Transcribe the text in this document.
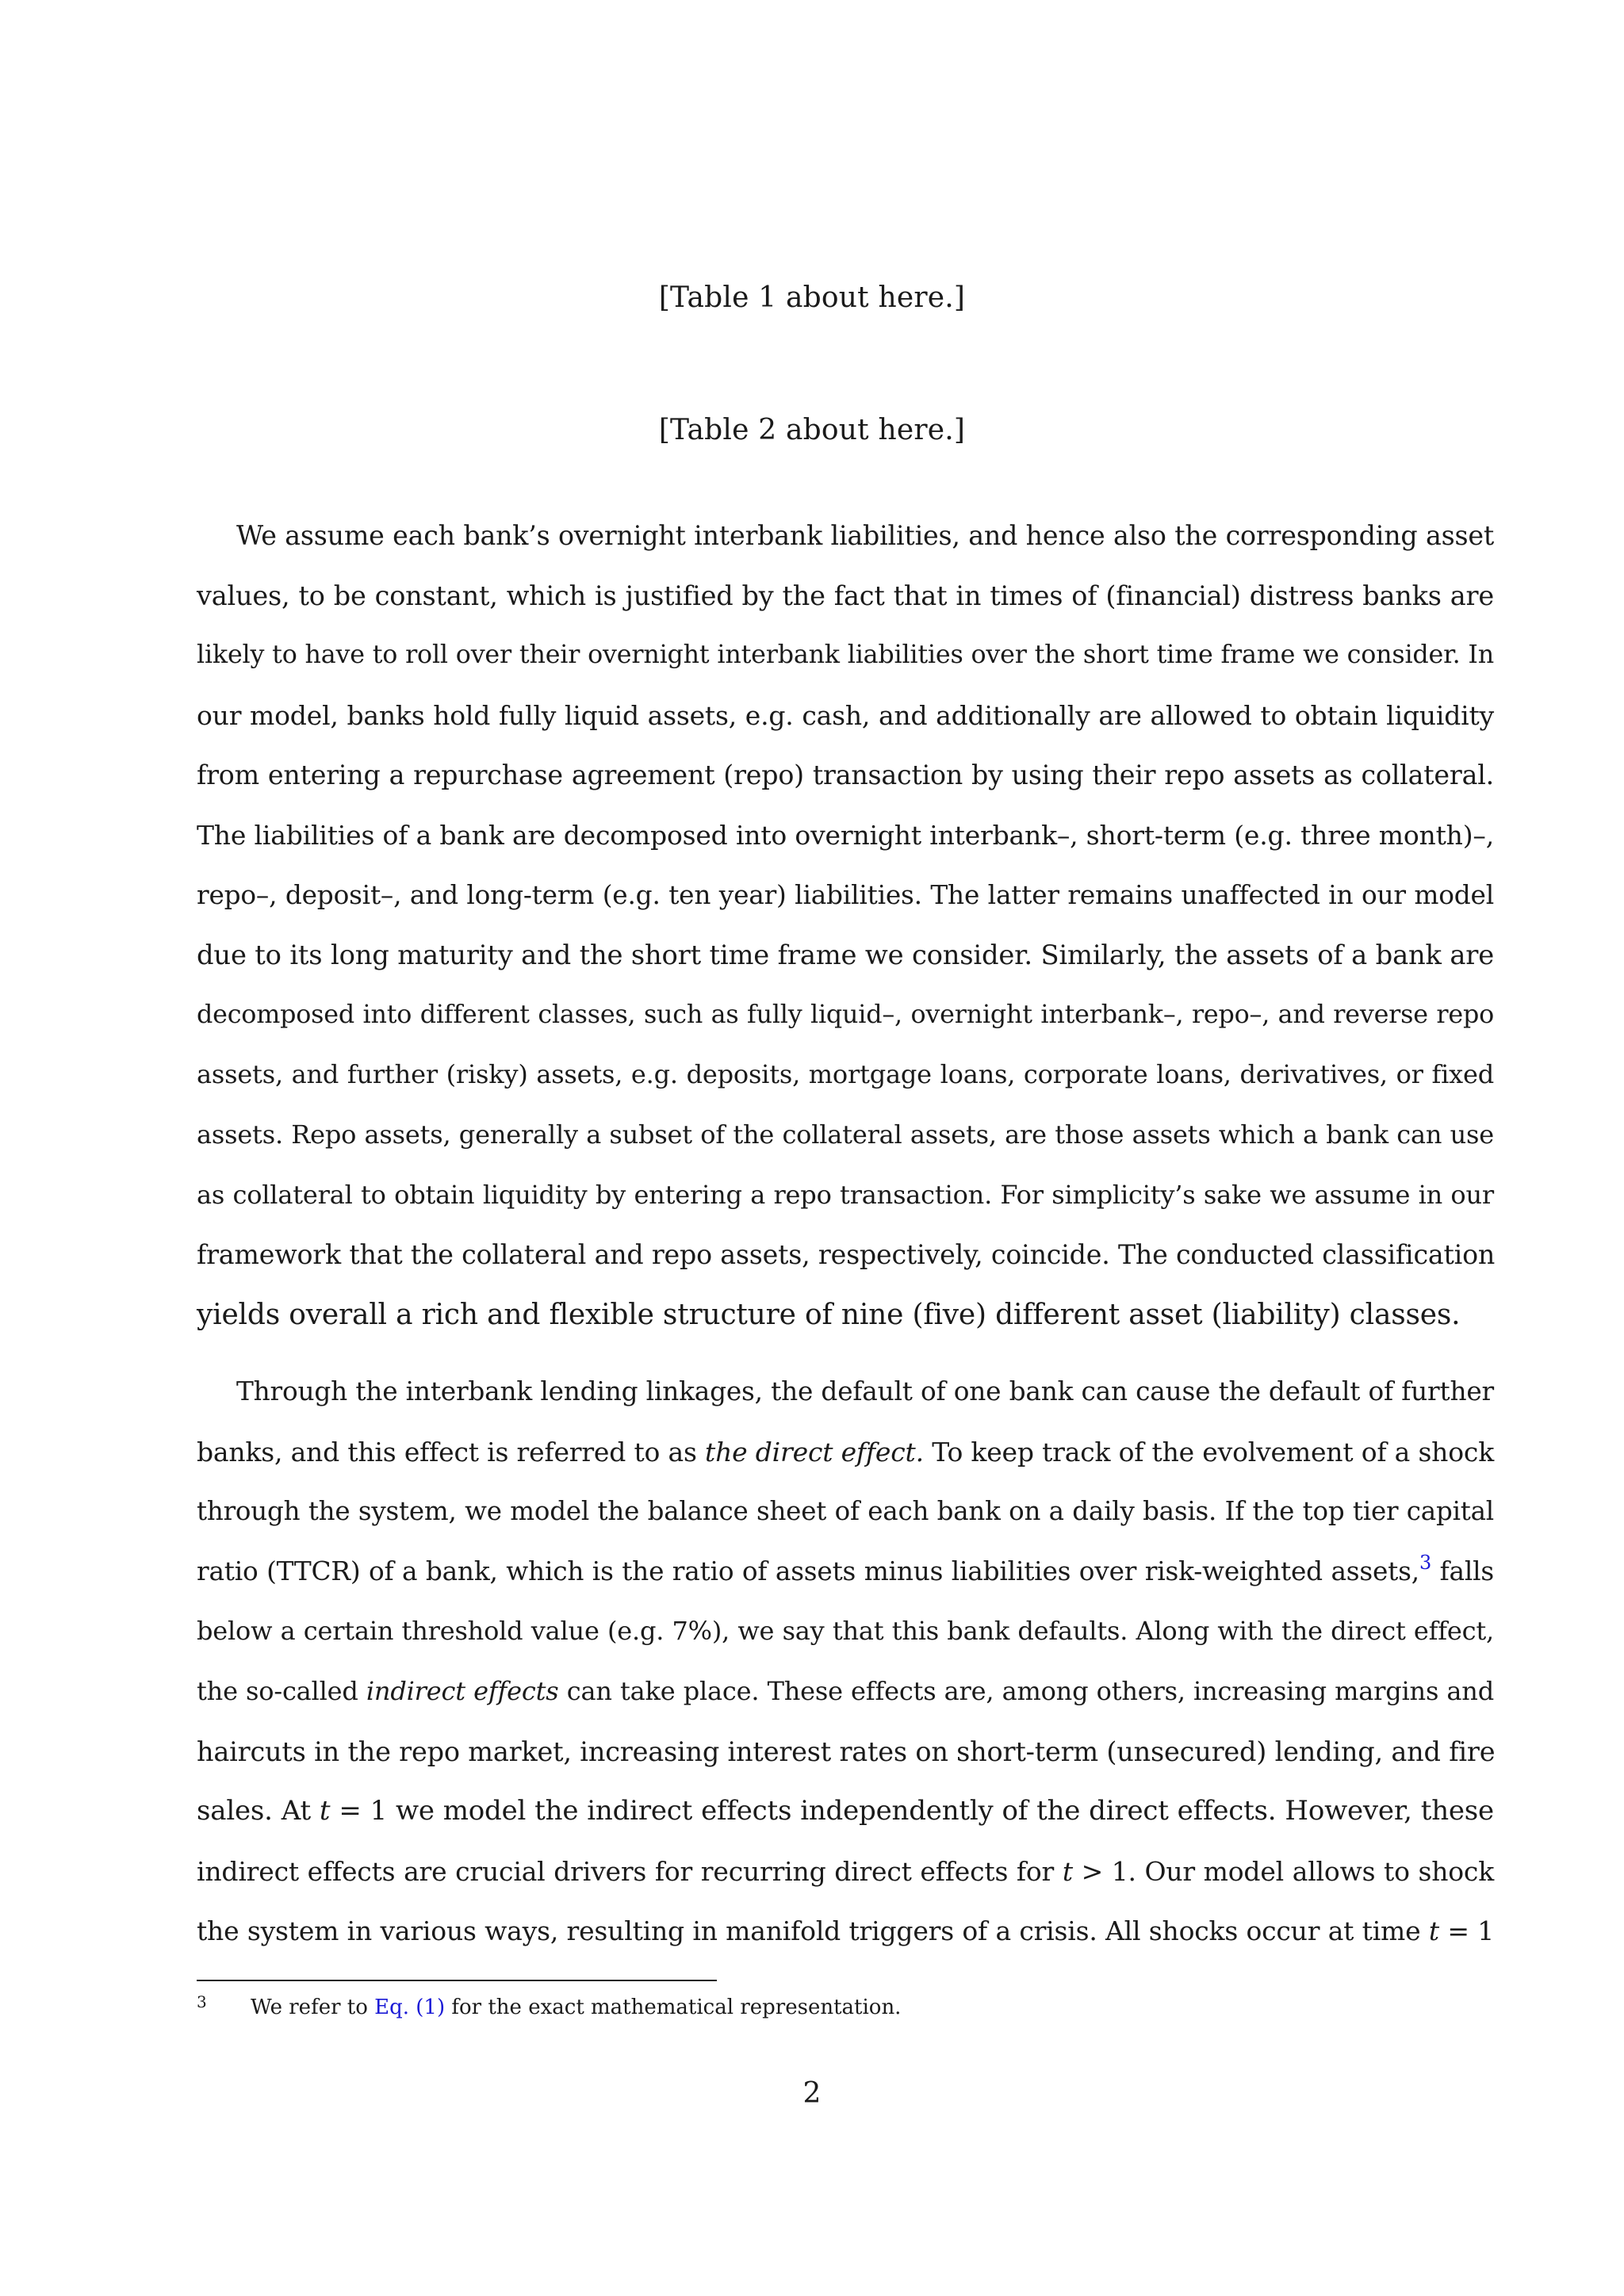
[Table 1 about here.]
[Table 2 about here.]
We assume each bank’s overnight interbank liabilities, and hence also the corresponding asset
values, to be constant, which is justified by the fact that in times of (financial) distress banks are
likely to have to roll over their overnight interbank liabilities over the short time frame we consider. In
our model, banks hold fully liquid assets, e.g. cash, and additionally are allowed to obtain liquidity
from entering a repurchase agreement (repo) transaction by using their repo assets as collateral.
The liabilities of a bank are decomposed into overnight interbank–, short-term (e.g. three month)–,
repo–, deposit–, and long-term (e.g. ten year) liabilities. The latter remains unaffected in our model
due to its long maturity and the short time frame we consider. Similarly, the assets of a bank are
decomposed into different classes, such as fully liquid–, overnight interbank–, repo–, and reverse repo
assets, and further (risky) assets, e.g. deposits, mortgage loans, corporate loans, derivatives, or fixed
assets. Repo assets, generally a subset of the collateral assets, are those assets which a bank can use
as collateral to obtain liquidity by entering a repo transaction. For simplicity’s sake we assume in our
framework that the collateral and repo assets, respectively, coincide. The conducted classification
yields overall a rich and flexible structure of nine (five) different asset (liability) classes.
Through the interbank lending linkages, the default of one bank can cause the default of further
banks, and this effect is referred to as the direct effect. To keep track of the evolvement of a shock
through the system, we model the balance sheet of each bank on a daily basis. If the top tier capital
ratio (TTCR) of a bank, which is the ratio of assets minus liabilities over risk-weighted assets,$^3$ falls
below a certain threshold value (e.g. 7%), we say that this bank defaults. Along with the direct effect,
the so-called indirect effects can take place. These effects are, among others, increasing margins and
haircuts in the repo market, increasing interest rates on short-term (unsecured) lending, and fire
sales. At t = 1 we model the indirect effects independently of the direct effects. However, these
indirect effects are crucial drivers for recurring direct effects for t > 1. Our model allows to shock
the system in various ways, resulting in manifold triggers of a crisis. All shocks occur at time t = 1
3 We refer to Eq. (1) for the exact mathematical representation.
2
